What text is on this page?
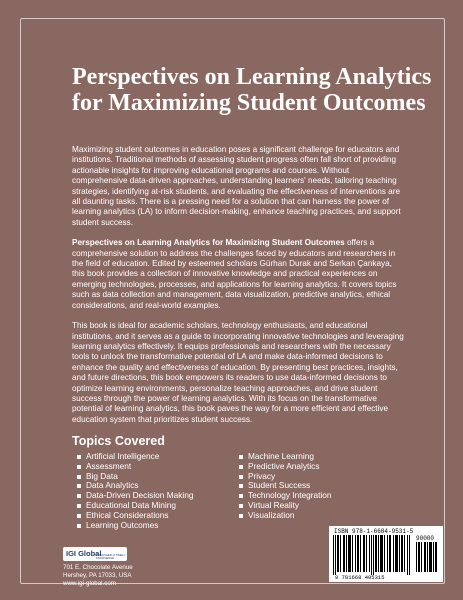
Perspectives on Learning Analytics for Maximizing Student Outcomes

Maximizing student outcomes in education poses a significant challenge for educators and institutions. Traditional methods of assessing student progress often fall short of providing actionable insights for improving educational programs and courses. Without comprehensive data-driven approaches, understanding learners' needs, tailoring teaching strategies, identifying at-risk students, and evaluating the effectiveness of interventions are all daunting tasks. There is a pressing need for a solution that can harness the power of learning analytics (LA) to inform decision-making, enhance teaching practices, and support student success.

Perspectives on Learning Analytics for Maximizing Student Outcomes offers a comprehensive solution to address the challenges faced by educators and researchers in the field of education. Edited by esteemed scholars Gürhan Durak and Serkan Çankaya, this book provides a collection of innovative knowledge and practical experiences on emerging technologies, processes, and applications for learning analytics. It covers topics such as data collection and management, data visualization, predictive analytics, ethical considerations, and real-world examples.

This book is ideal for academic scholars, technology enthusiasts, and educational institutions, and it serves as a guide to incorporating innovative technologies and leveraging learning analytics effectively. It equips professionals and researchers with the necessary tools to unlock the transformative potential of LA and make data-informed decisions to enhance the quality and effectiveness of education. By presenting best practices, insights, and future directions, this book empowers its readers to use data-informed decisions to optimize learning environments, personalize teaching approaches, and drive student success through the power of learning analytics. With its focus on the transformative potential of learning analytics, this book paves the way for a more efficient and effective education system that prioritizes student success.

Topics Covered
Artificial Intelligence
Assessment
Big Data
Data Analytics
Data-Driven Decision Making
Educational Data Mining
Ethical Considerations
Learning Outcomes
Machine Learning
Predictive Analytics
Privacy
Student Success
Technology Integration
Virtual Reality
Visualization
IGI Global
PUBLISHER of TIMELY KNOWLEDGE
701 E. Chocolate Avenue
Hershey, PA 17033, USA
www.igi-global.com
ISBN 978-1-6684-9531-5
90000
9 781668 495315
